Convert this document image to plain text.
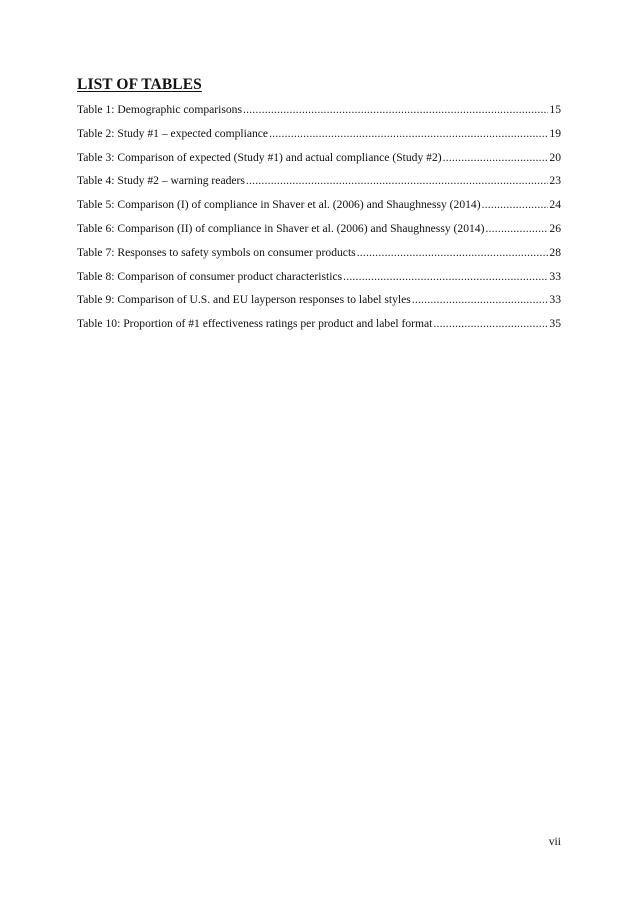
LIST OF TABLES
Table 1: Demographic comparisons .....	15
Table 2: Study #1 – expected compliance .....	19
Table 3: Comparison of expected (Study #1) and actual compliance (Study #2) .....	20
Table 4: Study #2 – warning readers .....	23
Table 5: Comparison (I) of compliance in Shaver et al. (2006) and Shaughnessy (2014) .....	24
Table 6: Comparison (II) of compliance in Shaver et al. (2006) and Shaughnessy (2014) .....	26
Table 7: Responses to safety symbols on consumer products .....	28
Table 8: Comparison of consumer product characteristics .....	33
Table 9: Comparison of U.S. and EU layperson responses to label styles .....	33
Table 10: Proportion of #1 effectiveness ratings per product and label format .....	35
vii
